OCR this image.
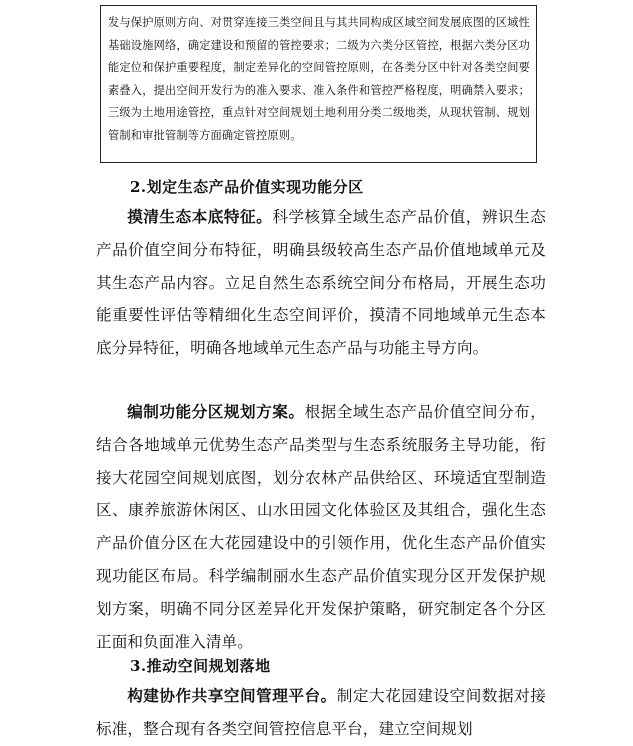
发与保护原则方向、对贯穿连接三类空间且与其共同构成区域空间发展底图的区域性基础设施网络，确定建设和预留的管控要求；二级为六类分区管控，根据六类分区功能定位和保护重要程度，制定差异化的空间管控原则，在各类分区中针对各类空间要素叠入，提出空间开发行为的准入要求、准入条件和管控严格程度，明确禁入要求；三级为土地用途管控，重点针对空间规划土地利用分类二级地类，从现状管制、规划管制和审批管制等方面确定管控原则。
2.划定生态产品价值实现功能分区

摸清生态本底特征。科学核算全域生态产品价值，辨识生态产品价值空间分布特征，明确县级较高生态产品价值地域单元及其生态产品内容。立足自然生态系统空间分布格局，开展生态功能重要性评估等精细化生态空间评价，摸清不同地域单元生态本底分异特征，明确各地域单元生态产品与功能主导方向。

编制功能分区规划方案。根据全域生态产品价值空间分布，结合各地域单元优势生态产品类型与生态系统服务主导功能，衔接大花园空间规划底图，划分农林产品供给区、环境适宜型制造区、康养旅游休闲区、山水田园文化体验区及其组合，强化生态产品价值分区在大花园建设中的引领作用，优化生态产品价值实现功能区布局。科学编制丽水生态产品价值实现分区开发保护规划方案，明确不同分区差异化开发保护策略，研究制定各个分区正面和负面准入清单。

3.推动空间规划落地

构建协作共享空间管理平台。制定大花园建设空间数据对接标准，整合现有各类空间管控信息平台，建立空间规划
